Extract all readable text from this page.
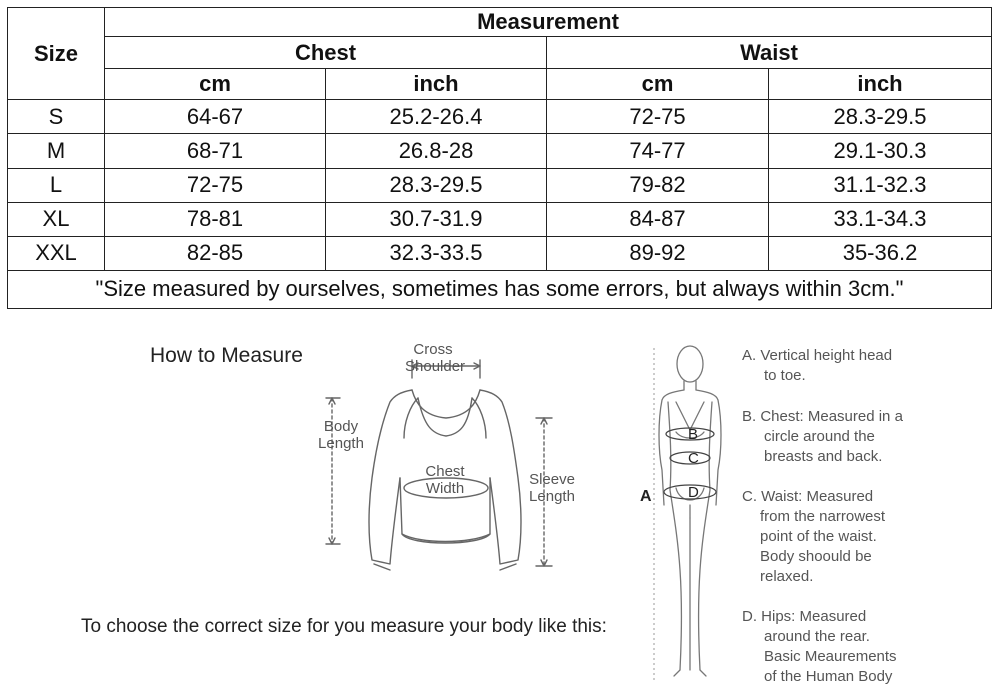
Size	Measurement			
	Chest		Waist	
	cm	inch	cm	inch
S	64-67	25.2-26.4	72-75	28.3-29.5
M	68-71	26.8-28	74-77	29.1-30.3
L	72-75	28.3-29.5	79-82	31.1-32.3
XL	78-81	30.7-31.9	84-87	33.1-34.3
XXL	82-85	32.3-33.5	89-92	35-36.2
"Size measured by ourselves, sometimes has some errors, but always within 3cm."				
How to Measure	Cross
Shoulder
Body
Length
Chest
Width
Sleeve
Length
To choose the correct size for you measure your body like this:
A
B
C
D
A. Vertical height head
to toe.
B. Chest: Measured in a
circle around the
breasts and back.
C. Waist: Measured
from the narrowest
point of the waist.
Body shoould be
relaxed.
D. Hips: Measured
around the rear.
Basic Meaurements
of the Human Body
